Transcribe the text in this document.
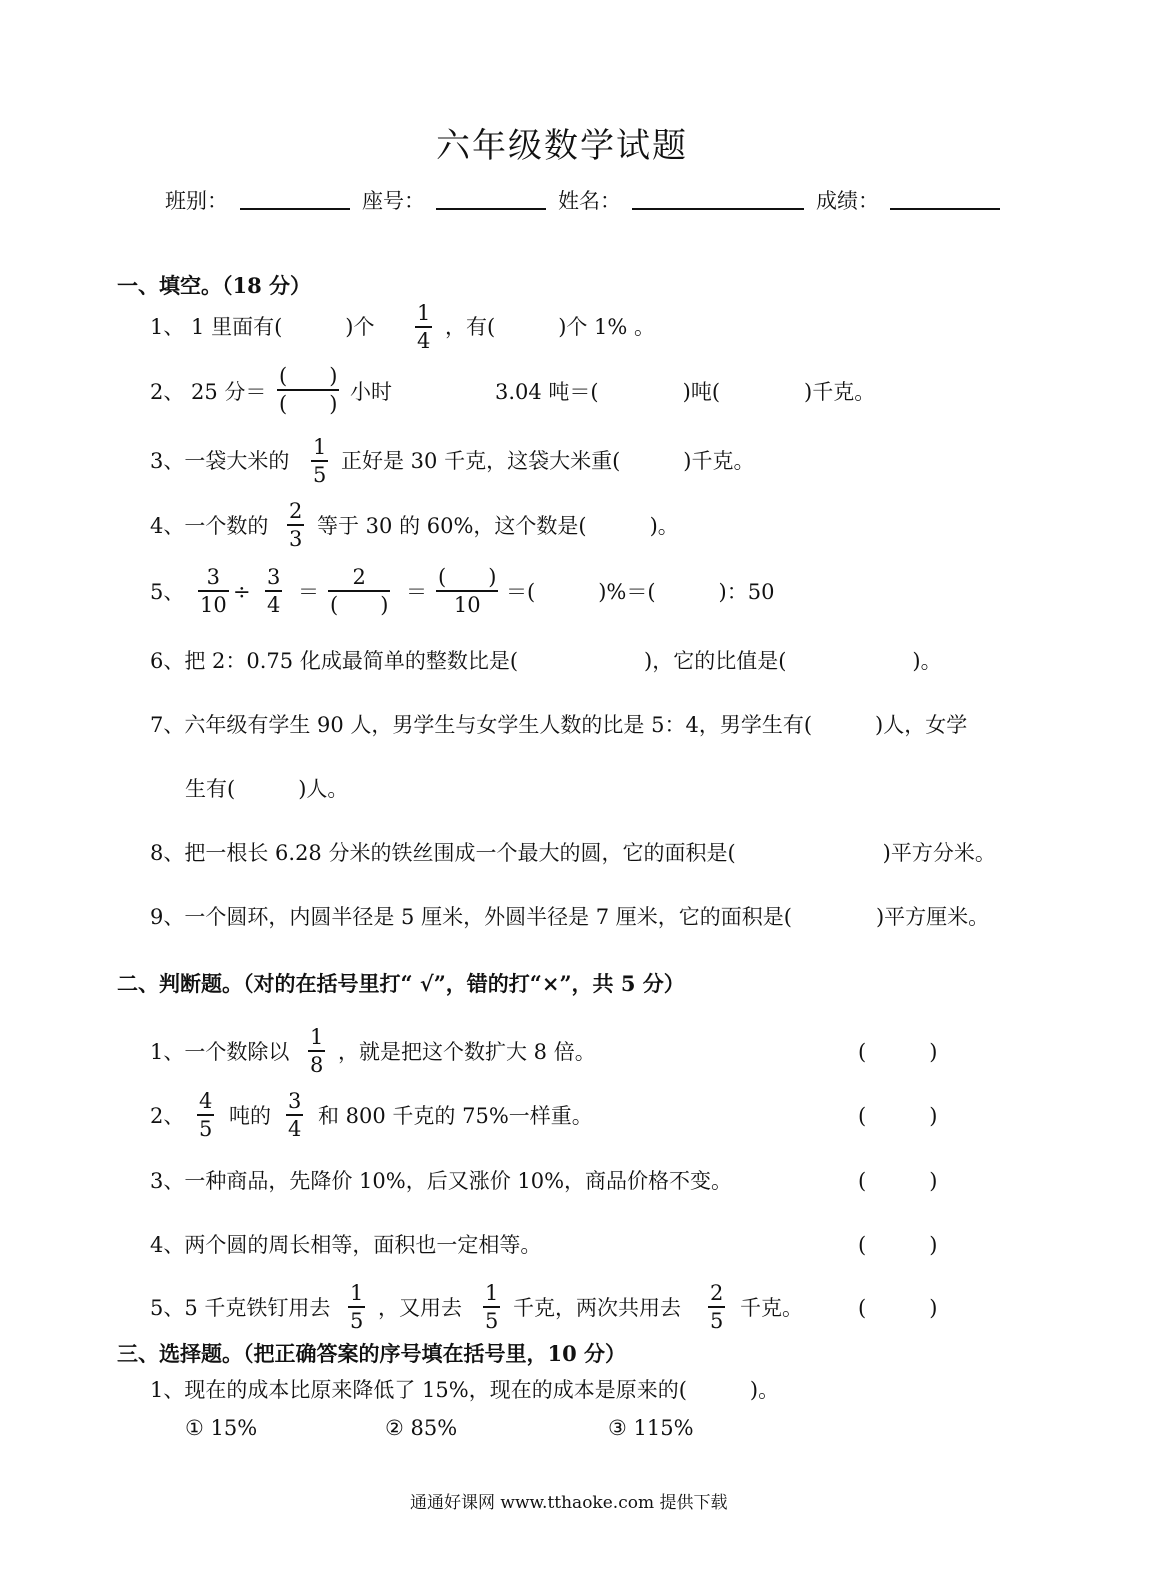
六年级数学试题
班别：	座号：	姓名：	成绩：
一、填空。（18 分）
1、 1 里面有(　　　)个
1
4
，有(　　　)个 1% 。
2、 25 分＝
(　　)
(　　) 小时	3.04 吨＝(　　　　)吨(　　　　)千克。
3、一袋大米的
1
5
正好是 30 千克，这袋大米重(　　　)千克。
4、一个数的
2
3
等于 30 的 60%，这个数是(　　　)。
5、
3
10
÷
3
4
＝
2
(　　)
＝
(　　)
10
＝(　　　)%＝(　　　)：50
6、把 2：0.75 化成最简单的整数比是(　　　　　　)，它的比值是(　　　　　　)。
7、六年级有学生 90 人，男学生与女学生人数的比是 5：4，男学生有(　　　)人，女学
生有(　　　)人。
8、把一根长 6.28 分米的铁丝围成一个最大的圆，它的面积是(　　　　　　　)平方分米。
9、一个圆环，内圆半径是 5 厘米，外圆半径是 7 厘米，它的面积是(　　　　)平方厘米。
二、判断题。（对的在括号里打“ √”，错的打“×”，共 5 分）
1、一个数除以
1
8
，就是把这个数扩大 8 倍。	(　　　)
2、
4
5
吨的
3
4
和 800 千克的 75%一样重。	(　　　)
3、一种商品，先降价 10%，后又涨价 10%，商品价格不变。	(　　　)
4、两个圆的周长相等，面积也一定相等。	(　　　)
5、5 千克铁钉用去
1
5
，又用去
1
5
千克，两次共用去
2
5
千克。	(　　　)
三、选择题。（把正确答案的序号填在括号里，10 分）
1、现在的成本比原来降低了 15%，现在的成本是原来的(　　　)。
① 15%	② 85%	③ 115%
通通好课网 www.tthaoke.com 提供下载
